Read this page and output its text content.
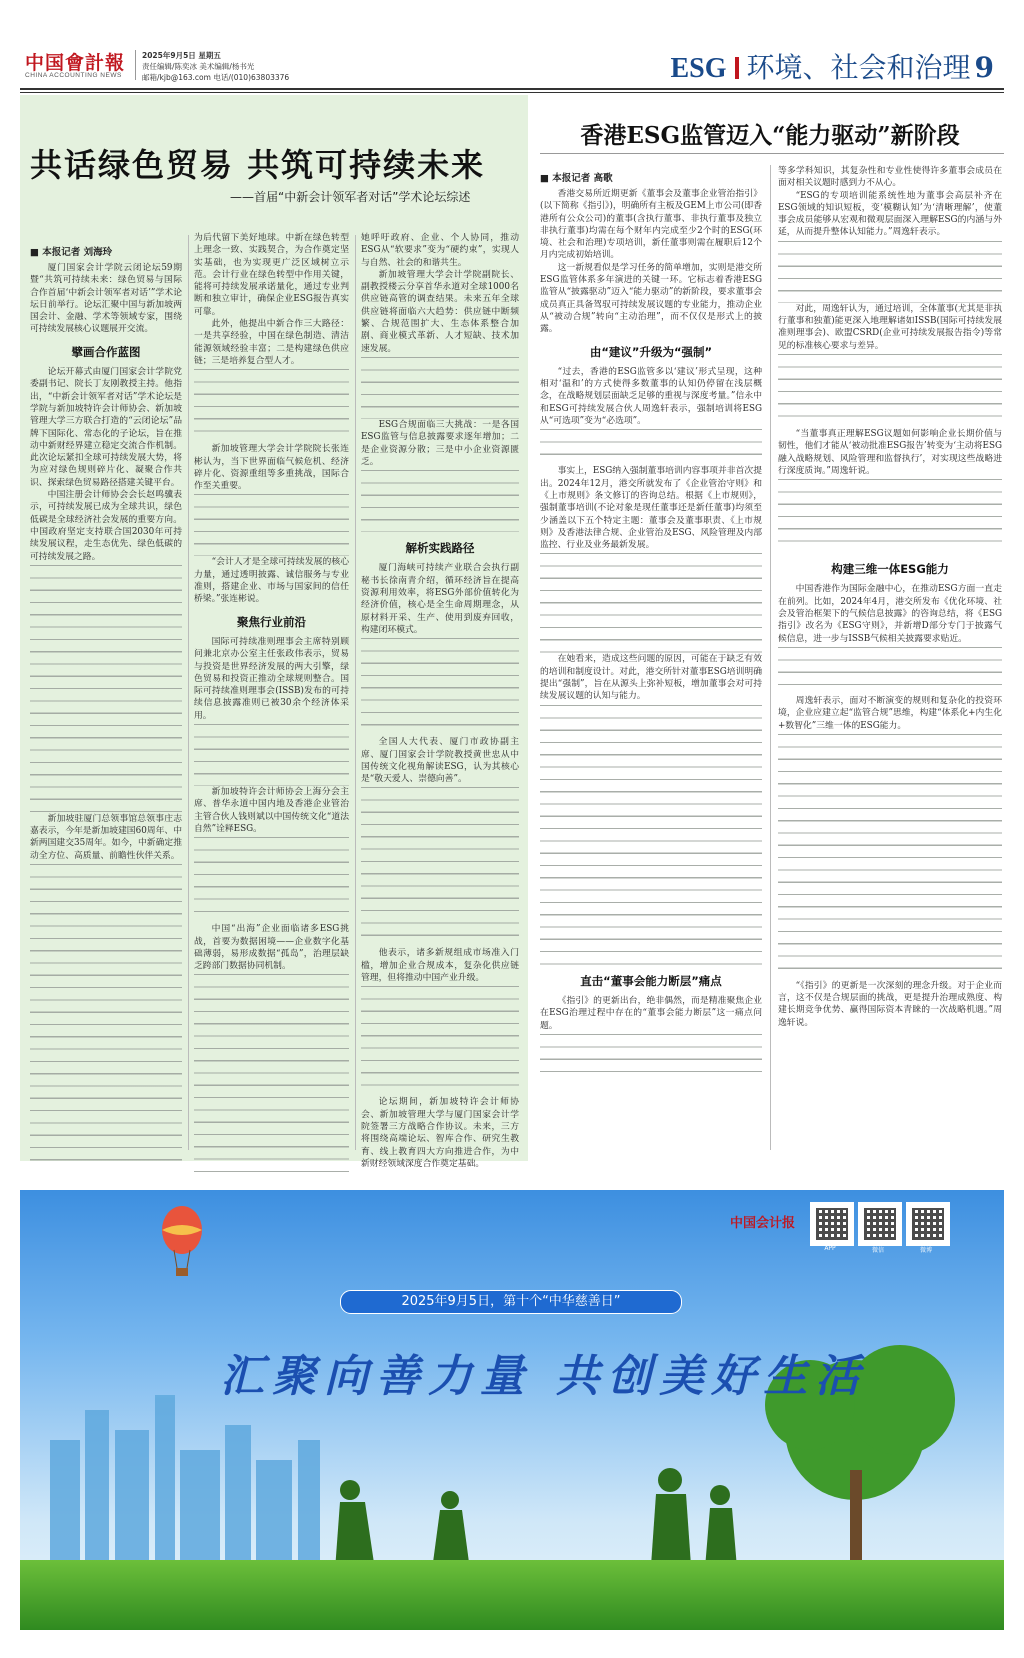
中国會計報
CHINA ACCOUNTING NEWS
2025年9月5日 星期五
责任编辑/陈奕冰 美术编辑/杨书光
邮箱/kjb@163.com 电话/(010)63803376	ESG 环境、社会和治理 9
共话绿色贸易 共筑可持续未来
——首届“中新会计领军者对话”学术论坛综述
■ 本报记者 刘海玲

厦门国家会计学院云闭论坛59期暨“共筑可持续未来：绿色贸易与国际合作首届‘中新会计领军者对话’”学术论坛日前举行。论坛汇聚中国与新加坡两国会计、金融、学术等领域专家，围绕可持续发展核心议题展开交流。

擘画合作蓝图

论坛开幕式由厦门国家会计学院党委副书记、院长丁友刚教授主持。他指出，“中新会计领军者对话”学术论坛是学院与新加坡特许会计师协会、新加坡管理大学三方联合打造的“云闭论坛”品牌下国际化、常态化的子论坛，旨在推动中新财经界建立稳定交流合作机制。此次论坛紧扣全球可持续发展大势，将为应对绿色规则碎片化、凝聚合作共识、探索绿色贸易路径搭建关键平台。

中国注册会计师协会会长赵鸣骥表示，可持续发展已成为全球共识，绿色低碳是全球经济社会发展的重要方向。中国政府坚定支持联合国2030年可持续发展议程，走生态优先、绿色低碳的可持续发展之路。

新加坡驻厦门总领事馆总领事庄志嘉表示，今年是新加坡建国60周年、中新两国建交35周年。如今，中新确定推动全方位、高质量、前瞻性伙伴关系。

为后代留下美好地球。中新在绿色转型上理念一致、实践契合，为合作奠定坚实基础，也为实现更广泛区域树立示范。会计行业在绿色转型中作用关键，能将可持续发展承诺量化，通过专业判断和独立审计，确保企业ESG报告真实可靠。

此外，他提出中新合作三大路径：一是共享经验，中国在绿色制造、清洁能源领域经验丰富；二是构建绿色供应链；三是培养复合型人才。

新加坡管理大学会计学院院长张连彬认为，当下世界面临气候危机、经济碎片化、资源重组等多重挑战，国际合作至关重要。

“会计人才是全球可持续发展的核心力量，通过透明披露、诚信服务与专业准则，搭建企业、市场与国家间的信任桥梁。”张连彬说。

聚焦行业前沿

国际可持续准则理事会主席特别顾问兼北京办公室主任张政伟表示，贸易与投资是世界经济发展的两大引擎，绿色贸易和投资正推动全球规则整合。国际可持续准则理事会(ISSB)发布的可持续信息披露准则已被30余个经济体采用。

新加坡特许会计师协会上海分会主席、普华永道中国内地及香港企业管治主管合伙人钱则斌以中国传统文化“道法自然”诠释ESG。

中国“出海”企业面临诸多ESG挑战，首要为数据困境——企业数字化基础薄弱，易形成数据“孤岛”，治理层缺乏跨部门数据协同机制。

她呼吁政府、企业、个人协同，推动ESG从“软要求”变为“硬约束”，实现人与自然、社会的和谐共生。

新加坡管理大学会计学院副院长、副教授楼云分享首华永道对全球1000名供应链高管的调查结果。未来五年全球供应链将面临六大趋势：供应链中断频繁、合规范围扩大、生态体系整合加剧、商业模式革新、人才短缺、技术加速发展。

ESG合规面临三大挑战：一是各国ESG监管与信息披露要求逐年增加；二是企业资源分散；三是中小企业资源匮乏。

解析实践路径

厦门海峡可持续产业联合会执行副秘书长徐南青介绍，循环经济旨在提高资源利用效率，将ESG外部价值转化为经济价值，核心是全生命周期理念，从原材料开采、生产、使用到废弃回收，构建闭环模式。

全国人大代表、厦门市政协副主席、厦门国家会计学院教授黄世忠从中国传统文化视角解读ESG，认为其核心是“敬天爱人、崇德向善”。

他表示，诸多新规组成市场准入门槛，增加企业合规成本，复杂化供应链管理，但将推动中国产业升级。

论坛期间，新加坡特许会计师协会、新加坡管理大学与厦门国家会计学院签署三方战略合作协议。未来，三方将围绕高端论坛、智库合作、研究生教育、线上教育四大方向推进合作，为中新财经领域深度合作奠定基础。

香港ESG监管迈入“能力驱动”新阶段
■ 本报记者 高歌

香港交易所近期更新《董事会及董事企业管治指引》(以下简称《指引》)，明确所有主板及GEM上市公司(即香港所有公众公司)的董事(含执行董事、非执行董事及独立非执行董事)均需在每个财年内完成至少2个时的ESG(环境、社会和治理)专项培训，新任董事则需在履职后12个月内完成初始培训。

这一新规看似是学习任务的简单增加，实则是港交所ESG监管体系多年演进的关键一环。它标志着香港ESG监管从“披露驱动”迈入“能力驱动”的新阶段，要求董事会成员真正具备驾驭可持续发展议题的专业能力，推动企业从“被动合规”转向“主动治理”，而不仅仅是形式上的披露。

由“建议”升级为“强制”

“过去，香港的ESG监管多以‘建议’形式呈现，这种相对‘温和’的方式使得多数董事的认知仍停留在浅层概念，在战略规划层面缺乏足够的重视与深度考量。”信永中和ESG可持续发展合伙人周逸轩表示，强制培训将ESG从“可选项”变为“必选项”。

事实上，ESG纳入强制董事培训内容事项并非首次提出。2024年12月，港交所就发布了《企业管治守则》和《上市规则》条文修订的咨询总结。根据《上市规则》，强制董事培训(不论对象是现任董事还是新任董事)均须至少涵盖以下五个特定主题：董事会及董事职责、《上市规则》及香港法律合规、企业管治及ESG、风险管理及内部监控、行业及业务最新发展。

在她看来，造成这些问题的原因，可能在于缺乏有效的培训和制度设计。对此，港交所针对董事ESG培训明确提出“强制”，旨在从源头上弥补短板，增加董事会对可持续发展议题的认知与能力。

直击“董事会能力断层”痛点

《指引》的更新出台，绝非偶然，而是精准聚焦企业在ESG治理过程中存在的“董事会能力断层”这一痛点问题。

等多学科知识，其复杂性和专业性使得许多董事会成员在面对相关议题时感到力不从心。

“ESG的专项培训能系统性地为董事会高层补齐在ESG领域的知识短板，变‘模糊认知’为‘清晰理解’，使董事会成员能够从宏观和微观层面深入理解ESG的内涵与外延，从而提升整体认知能力。”周逸轩表示。

对此，周逸轩认为，通过培训，全体董事(尤其是非执行董事和独董)能更深入地理解诸如ISSB(国际可持续发展准则理事会)、欧盟CSRD(企业可持续发展报告指令)等常见的标准核心要求与差异。

“当董事真正理解ESG议题如何影响企业长期价值与韧性，他们才能从‘被动批准ESG报告’转变为‘主动将ESG融入战略规划、风险管理和监督执行’，对实现这些战略进行深度质询。”周逸轩说。

构建三维一体ESG能力

中国香港作为国际金融中心，在推动ESG方面一直走在前列。比如，2024年4月，港交所发布《优化环境、社会及管治框架下的气候信息披露》的咨询总结，将《ESG指引》改名为《ESG守则》，并新增D部分专门于披露气候信息，进一步与ISSB气候相关披露要求贴近。

周逸轩表示，面对不断演变的规则和复杂化的投资环境，企业应建立起“监管合规”思维，构建“体系化+内生化+数智化”三维一体的ESG能力。

“《指引》的更新是一次深刻的理念升级。对于企业而言，这不仅是合规层面的挑战，更是提升治理成熟度、构建长期竞争优势、赢得国际资本青睐的一次战略机遇。”周逸轩说。

中国会计报
APP	微信	微博
2025年9月5日，第十个“中华慈善日”
汇聚向善力量 共创美好生活
